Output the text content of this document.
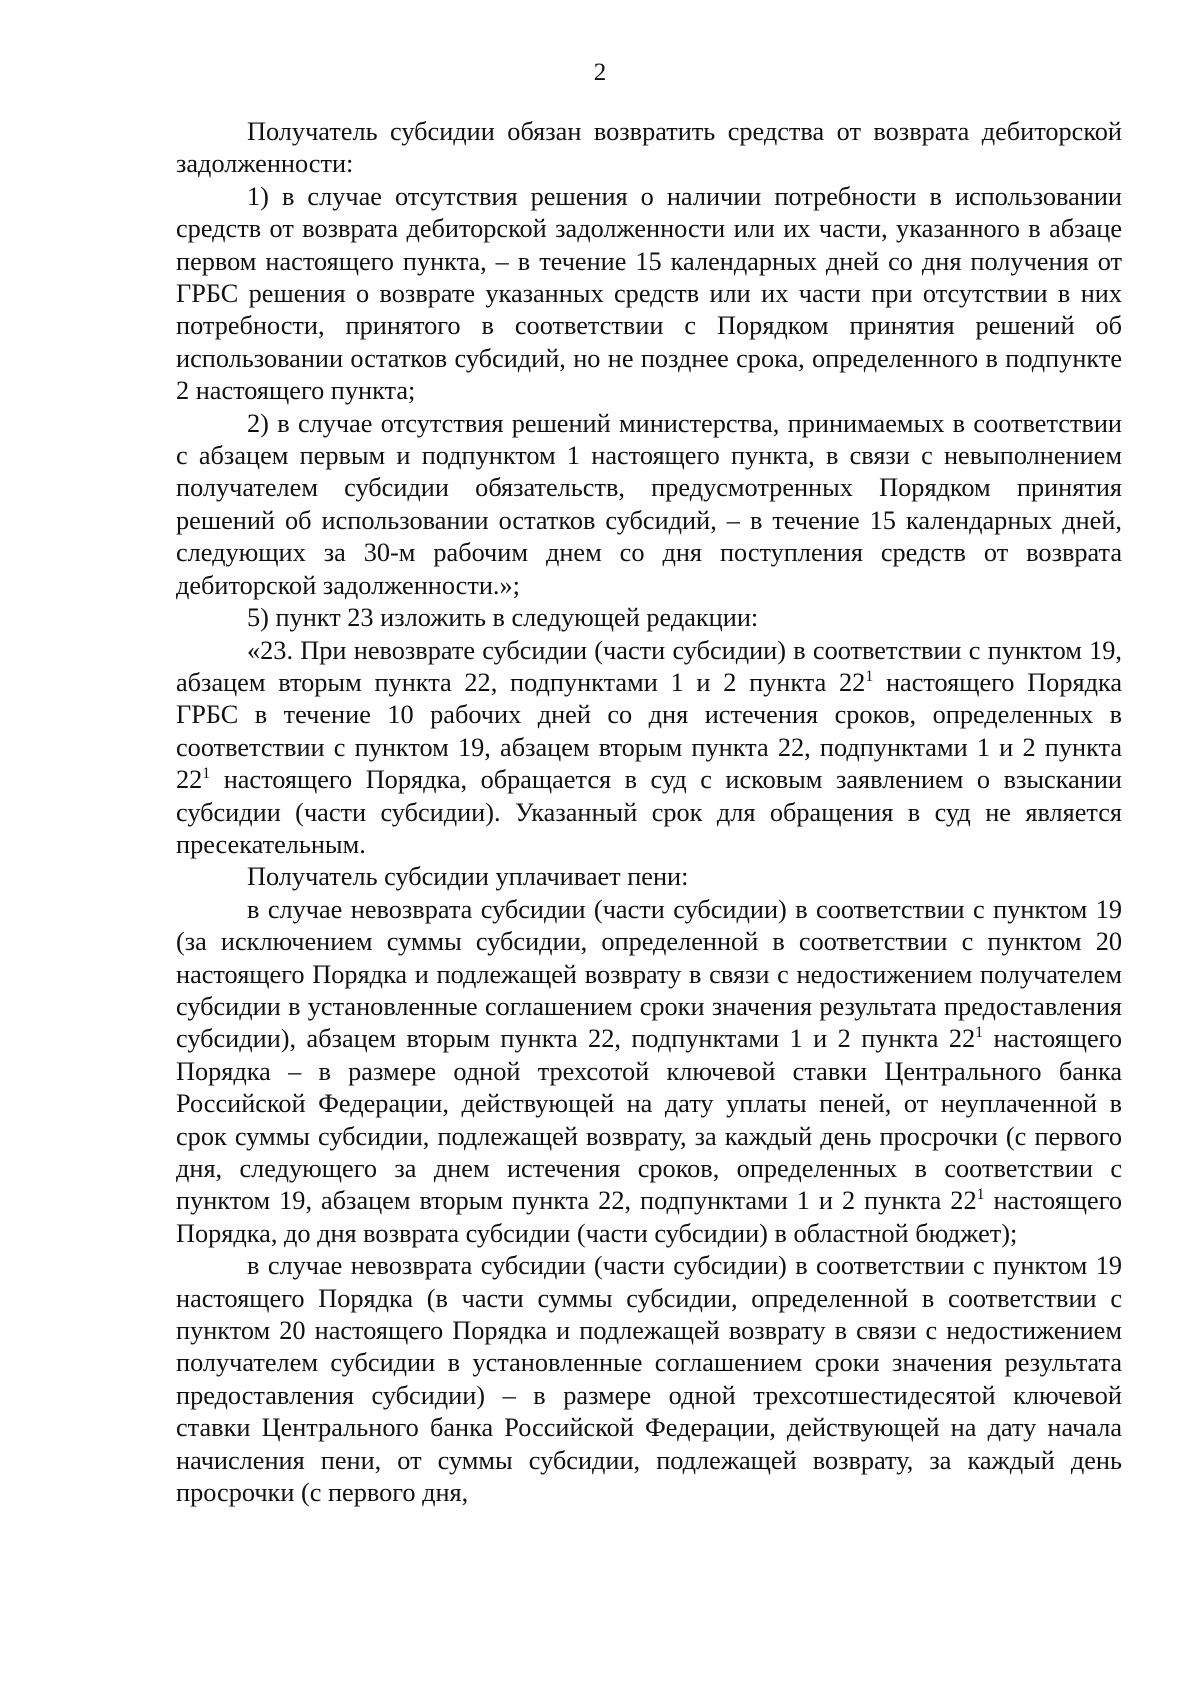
2

Получатель субсидии обязан возвратить средства от возврата дебиторской задолженности:

1) в случае отсутствия решения о наличии потребности в использовании средств от возврата дебиторской задолженности или их части, указанного в абзаце первом настоящего пункта, – в течение 15 календарных дней со дня получения от ГРБС решения о возврате указанных средств или их части при отсутствии в них потребности, принятого в соответствии с Порядком принятия решений об использовании остатков субсидий, но не позднее срока, определенного в подпункте 2 настоящего пункта;

2) в случае отсутствия решений министерства, принимаемых в соответствии с абзацем первым и подпунктом 1 настоящего пункта, в связи с невыполнением получателем субсидии обязательств, предусмотренных Порядком принятия решений об использовании остатков субсидий, – в течение 15 календарных дней, следующих за 30-м рабочим днем со дня поступления средств от возврата дебиторской задолженности.»;

5) пункт 23 изложить в следующей редакции:

«23. При невозврате субсидии (части субсидии) в соответствии с пунктом 19, абзацем вторым пункта 22, подпунктами 1 и 2 пункта $22^1$ настоящего Порядка ГРБС в течение 10 рабочих дней со дня истечения сроков, определенных в соответствии с пунктом 19, абзацем вторым пункта 22, подпунктами 1 и 2 пункта $22^1$ настоящего Порядка, обращается в суд с исковым заявлением о взыскании субсидии (части субсидии). Указанный срок для обращения в суд не является пресекательным.

Получатель субсидии уплачивает пени:

в случае невозврата субсидии (части субсидии) в соответствии с пунктом 19 (за исключением суммы субсидии, определенной в соответствии с пунктом 20 настоящего Порядка и подлежащей возврату в связи с недостижением получателем субсидии в установленные соглашением сроки значения результата предоставления субсидии), абзацем вторым пункта 22, подпунктами 1 и 2 пункта $22^1$ настоящего Порядка – в размере одной трехсотой ключевой ставки Центрального банка Российской Федерации, действующей на дату уплаты пеней, от неуплаченной в срок суммы субсидии, подлежащей возврату, за каждый день просрочки (с первого дня, следующего за днем истечения сроков, определенных в соответствии с пунктом 19, абзацем вторым пункта 22, подпунктами 1 и 2 пункта $22^1$ настоящего Порядка, до дня возврата субсидии (части субсидии) в областной бюджет);

в случае невозврата субсидии (части субсидии) в соответствии с пунктом 19 настоящего Порядка (в части суммы субсидии, определенной в соответствии с пунктом 20 настоящего Порядка и подлежащей возврату в связи с недостижением получателем субсидии в установленные соглашением сроки значения результата предоставления субсидии) – в размере одной трехсотшестидесятой ключевой ставки Центрального банка Российской Федерации, действующей на дату начала начисления пени, от суммы субсидии, подлежащей возврату, за каждый день просрочки (с первого дня,
